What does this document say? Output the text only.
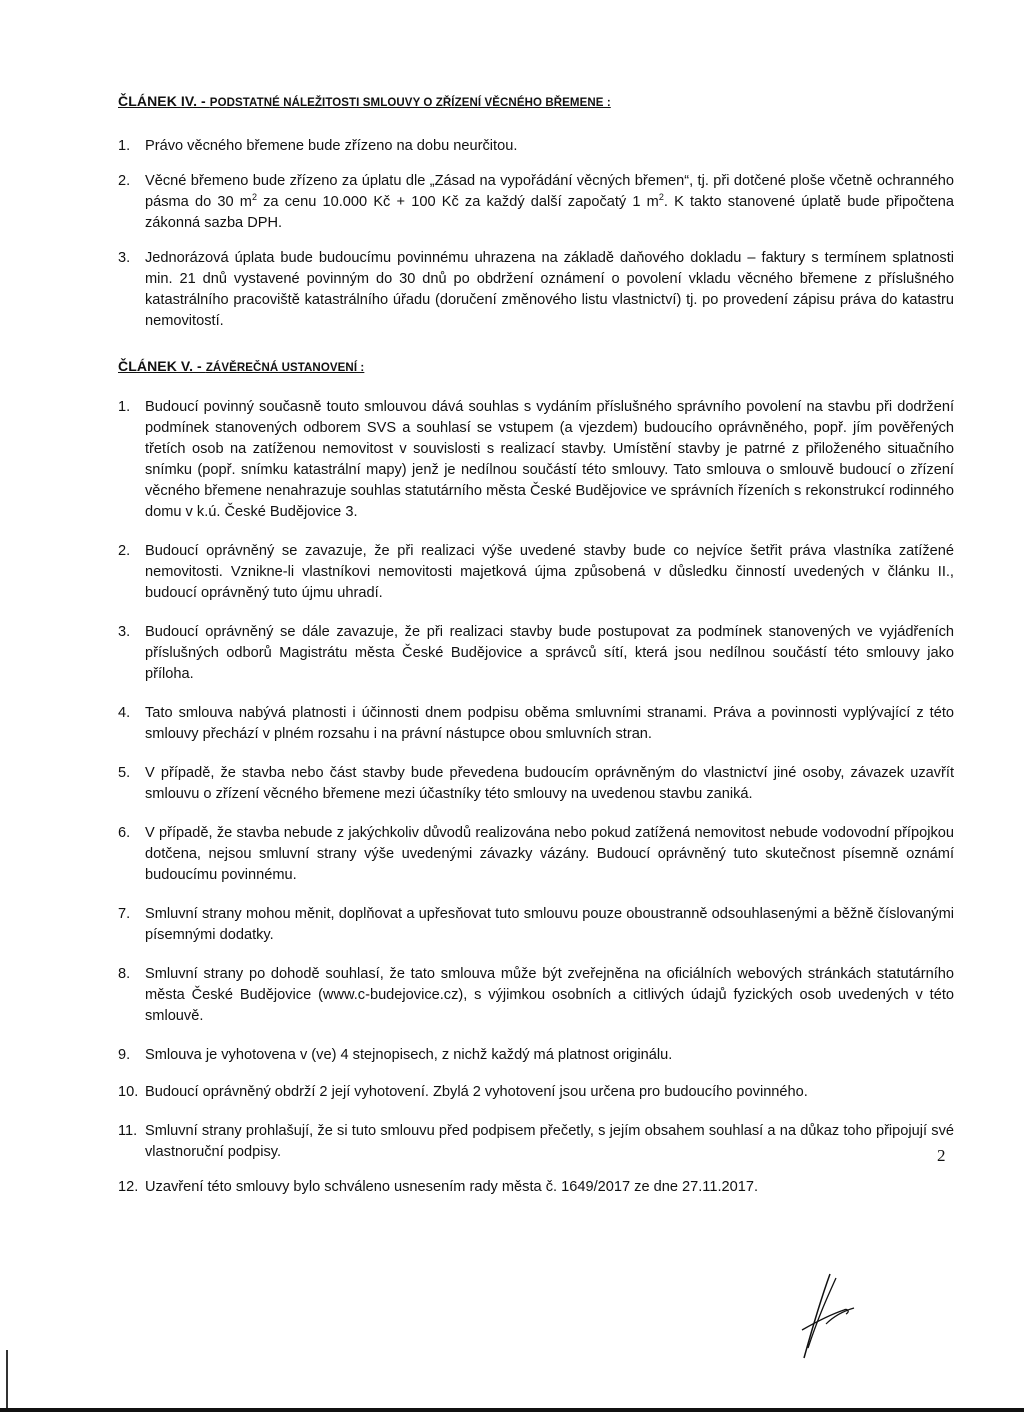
ČLÁNEK IV. - PODSTATNÉ NÁLEŽITOSTI SMLOUVY O ZŘÍZENÍ VĚCNÉHO BŘEMENE :

1.	Právo věcného břemene bude zřízeno na dobu neurčitou.
2.	Věcné břemeno bude zřízeno za úplatu dle „Zásad na vypořádání věcných břemen“, tj. při dotčené ploše včetně ochranného pásma do 30 $m^2$ za cenu 10.000 Kč + 100 Kč za každý další započatý 1 $m^2$. K takto stanovené úplatě bude připočtena zákonná sazba DPH.
3.	Jednorázová úplata bude budoucímu povinnému uhrazena na základě daňového dokladu – faktury s termínem splatnosti min. 21 dnů vystavené povinným do 30 dnů po obdržení oznámení o povolení vkladu věcného břemene z příslušného katastrálního pracoviště katastrálního úřadu (doručení změnového listu vlastnictví) tj. po provedení zápisu práva do katastru nemovitostí.

ČLÁNEK V. - ZÁVĚREČNÁ USTANOVENÍ :

1.	Budoucí povinný současně touto smlouvou dává souhlas s vydáním příslušného správního povolení na stavbu při dodržení podmínek stanovených odborem SVS a souhlasí se vstupem (a vjezdem) budoucího oprávněného, popř. jím pověřených třetích osob na zatíženou nemovitost v souvislosti s realizací stavby. Umístění stavby je patrné z přiloženého situačního snímku (popř. snímku katastrální mapy) jenž je nedílnou součástí této smlouvy. Tato smlouva o smlouvě budoucí o zřízení věcného břemene nenahrazuje souhlas statutárního města České Budějovice ve správních řízeních s rekonstrukcí rodinného domu v k.ú. České Budějovice 3.
2.	Budoucí oprávněný se zavazuje, že při realizaci výše uvedené stavby bude co nejvíce šetřit práva vlastníka zatížené nemovitosti. Vznikne-li vlastníkovi nemovitosti majetková újma způsobená v důsledku činností uvedených v článku II., budoucí oprávněný tuto újmu uhradí.
3.	Budoucí oprávněný se dále zavazuje, že při realizaci stavby bude postupovat za podmínek stanovených ve vyjádřeních příslušných odborů Magistrátu města České Budějovice a správců sítí, která jsou nedílnou součástí této smlouvy jako příloha.
4.	Tato smlouva nabývá platnosti i účinnosti dnem podpisu oběma smluvními stranami. Práva a povinnosti vyplývající z této smlouvy přechází v plném rozsahu i na právní nástupce obou smluvních stran.
5.	V případě, že stavba nebo část stavby bude převedena budoucím oprávněným do vlastnictví jiné osoby, závazek uzavřít smlouvu o zřízení věcného břemene mezi účastníky této smlouvy na uvedenou stavbu zaniká.
6.	V případě, že stavba nebude z jakýchkoliv důvodů realizována nebo pokud zatížená nemovitost nebude vodovodní přípojkou dotčena, nejsou smluvní strany výše uvedenými závazky vázány. Budoucí oprávněný tuto skutečnost písemně oznámí budoucímu povinnému.
7.	Smluvní strany mohou měnit, doplňovat a upřesňovat tuto smlouvu pouze oboustranně odsouhlasenými a běžně číslovanými písemnými dodatky.
8.	Smluvní strany po dohodě souhlasí, že tato smlouva může být zveřejněna na oficiálních webových stránkách statutárního města České Budějovice (www.c-budejovice.cz), s výjimkou osobních a citlivých údajů fyzických osob uvedených v této smlouvě.
9.	Smlouva je vyhotovena v (ve) 4 stejnopisech, z nichž každý má platnost originálu.
10. Budoucí oprávněný obdrží 2 její vyhotovení. Zbylá 2 vyhotovení jsou určena pro budoucího povinného.
11. Smluvní strany prohlašují, že si tuto smlouvu před podpisem přečetly, s jejím obsahem souhlasí a na důkaz toho připojují své vlastnoruční podpisy.
12. Uzavření této smlouvy bylo schváleno usnesením rady města č. 1649/2017 ze dne 27.11.2017.
2
